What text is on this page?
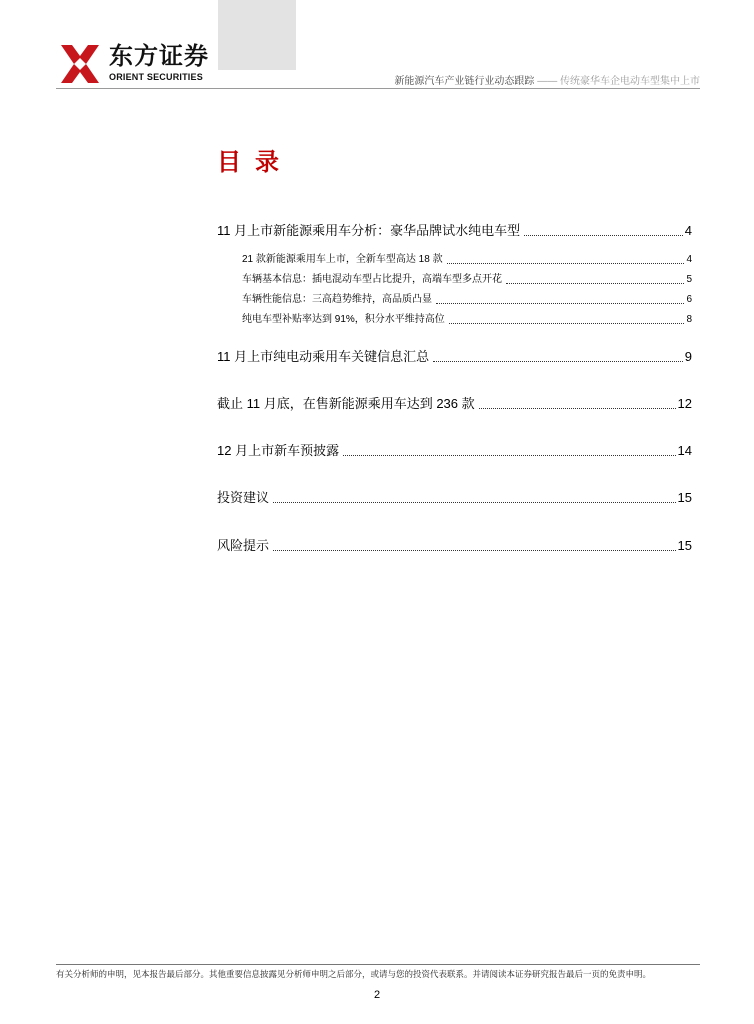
东方证券
ORIENT SECURITIES	新能源汽车产业链行业动态跟踪 —— 传统豪华车企电动车型集中上市
目录
11 月上市新能源乘用车分析：豪华品牌试水纯电车型	4
21 款新能源乘用车上市，全新车型高达 18 款	4
车辆基本信息：插电混动车型占比提升，高端车型多点开花	5
车辆性能信息：三高趋势维持，高品质凸显	6
纯电车型补贴率达到 91%，积分水平维持高位	8
11 月上市纯电动乘用车关键信息汇总	9
截止 11 月底，在售新能源乘用车达到 236 款	12
12 月上市新车预披露	14
投资建议	15
风险提示	15
有关分析师的申明，见本报告最后部分。其他重要信息披露见分析师申明之后部分，或请与您的投资代表联系。并请阅读本证券研究报告最后一页的免责申明。
2
